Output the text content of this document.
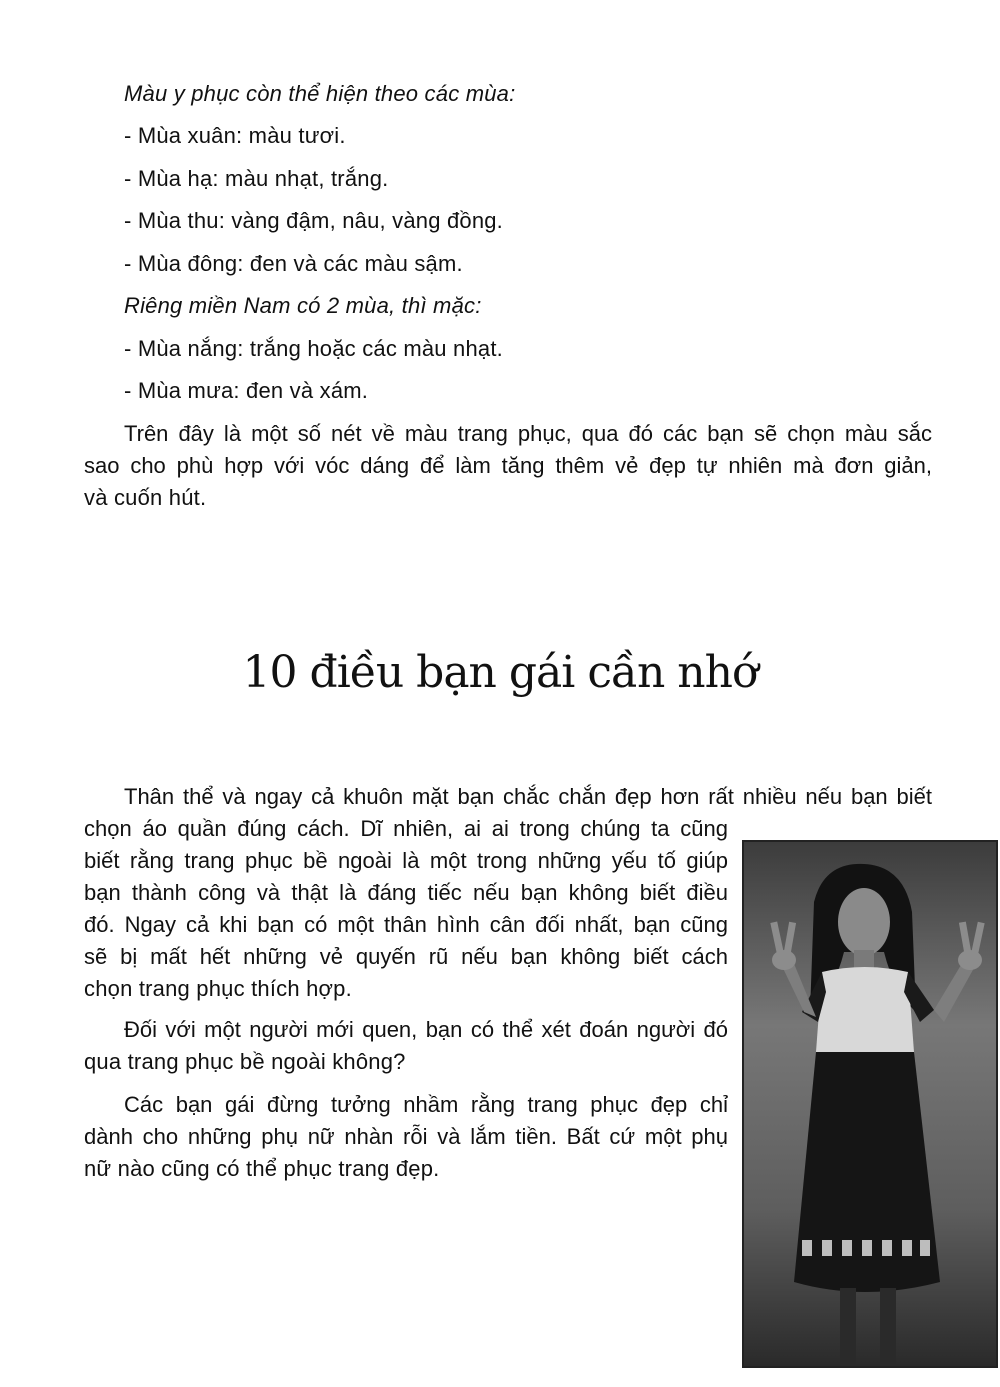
Màu y phục còn thể hiện theo các mùa:
- Mùa xuân: màu tươi.
- Mùa hạ: màu nhạt, trắng.
- Mùa thu: vàng đậm, nâu, vàng đồng.
- Mùa đông: đen và các màu sậm.
Riêng miền Nam có 2 mùa, thì mặc:
- Mùa nắng: trắng hoặc các màu nhạt.
- Mùa mưa: đen và xám.
Trên đây là một số nét về màu trang phục, qua đó các bạn sẽ chọn màu sắc
sao cho phù hợp với vóc dáng để làm tăng thêm vẻ đẹp tự nhiên mà đơn giản,
và cuốn hút.
10 điều bạn gái cần nhớ
Thân thể và ngay cả khuôn mặt bạn chắc chắn đẹp hơn rất nhiều nếu bạn biết
chọn áo quần đúng cách. Dĩ nhiên, ai ai trong chúng ta cũng
biết rằng trang phục bề ngoài là một trong những yếu tố giúp
bạn thành công và thật là đáng tiếc nếu bạn không biết điều
đó. Ngay cả khi bạn có một thân hình cân đối nhất, bạn cũng
sẽ bị mất hết những vẻ quyến rũ nếu bạn không biết cách
chọn trang phục thích hợp.
Đối với một người mới quen, bạn có thể xét đoán người đó
qua trang phục bề ngoài không?
Các bạn gái đừng tưởng nhầm rằng trang phục đẹp chỉ
dành cho những phụ nữ nhàn rỗi và lắm tiền. Bất cứ một phụ
nữ nào cũng có thể phục trang đẹp.
